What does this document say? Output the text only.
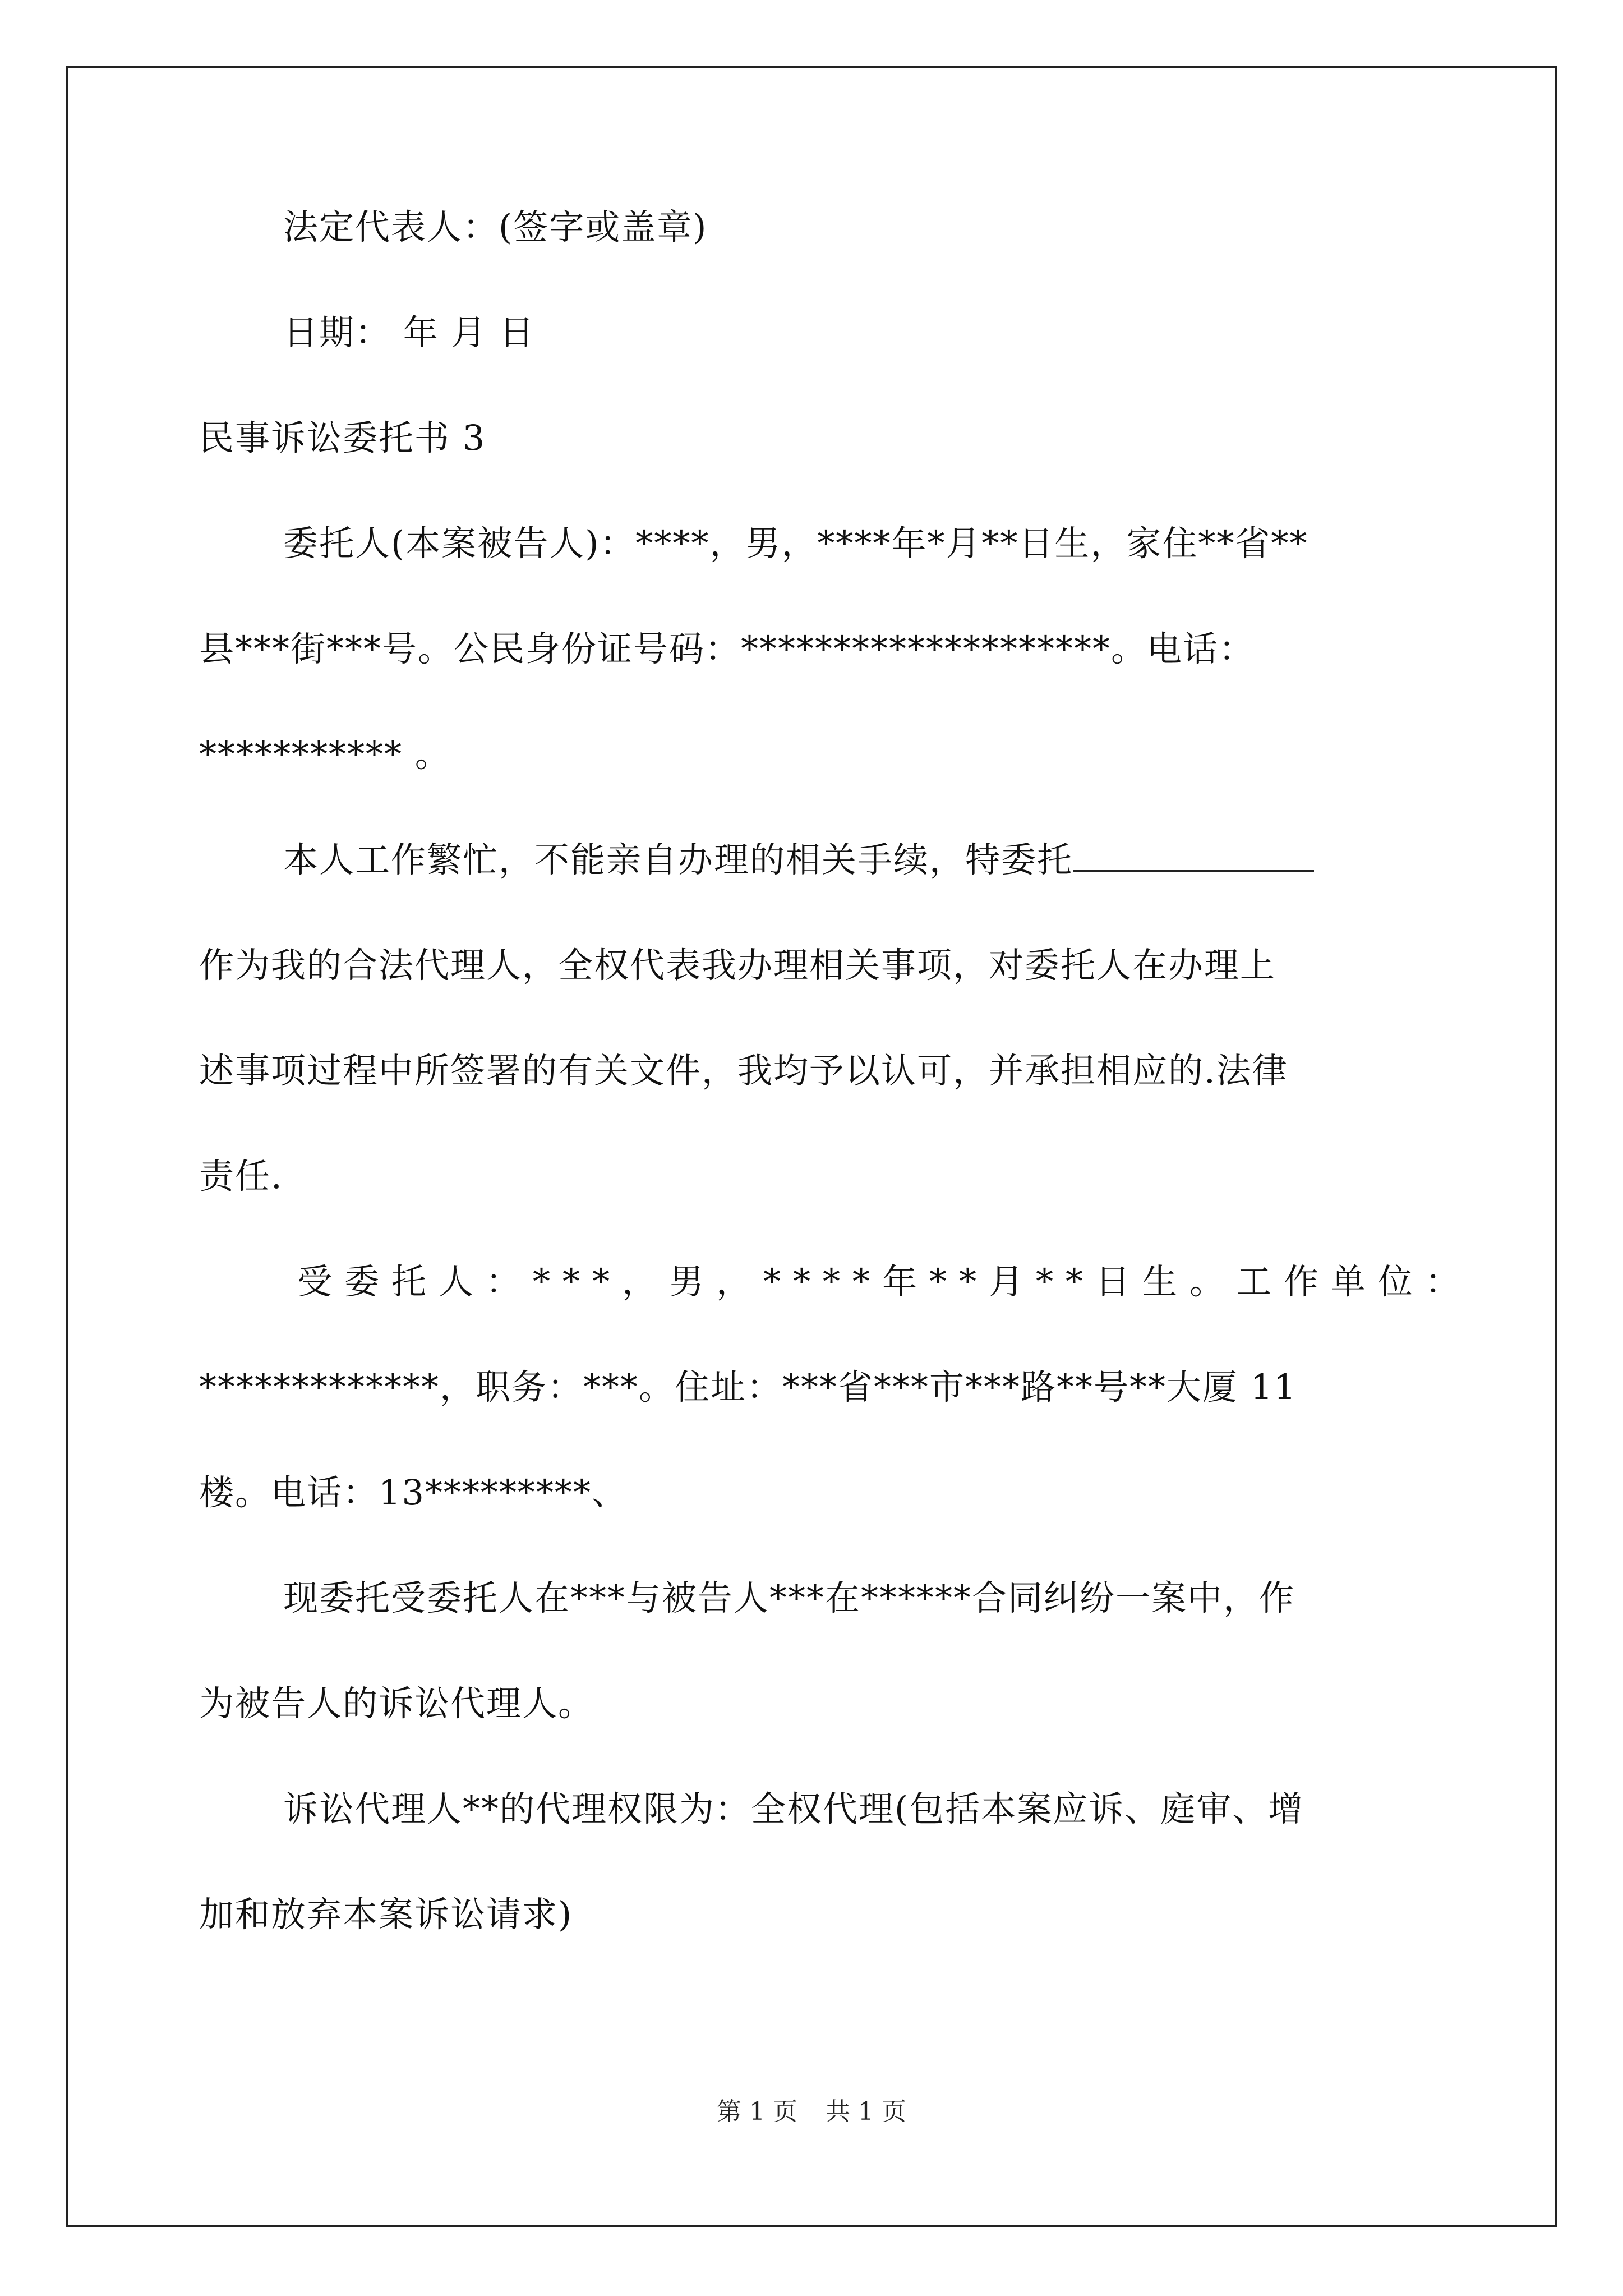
法定代表人：(签字或盖章)
日期： 年 月 日
民事诉讼委托书 3
委托人(本案被告人)：****，男，****年*月**日生，家住**省**
县***街***号。公民身份证号码：********************。电话：
*********** 。
本人工作繁忙，不能亲自办理的相关手续，特委托
作为我的合法代理人，全权代表我办理相关事项，对委托人在办理上
述事项过程中所签署的有关文件，我均予以认可，并承担相应的.法律
责任.
受委托人：***，男，****年**月**日生。工作单位：
*************，职务：***。住址：***省***市***路**号**大厦 11
楼。电话：13*********、
现委托受委托人在***与被告人***在******合同纠纷一案中，作
为被告人的诉讼代理人。
诉讼代理人**的代理权限为：全权代理(包括本案应诉、庭审、增
加和放弃本案诉讼请求)
第 1 页 共 1 页
